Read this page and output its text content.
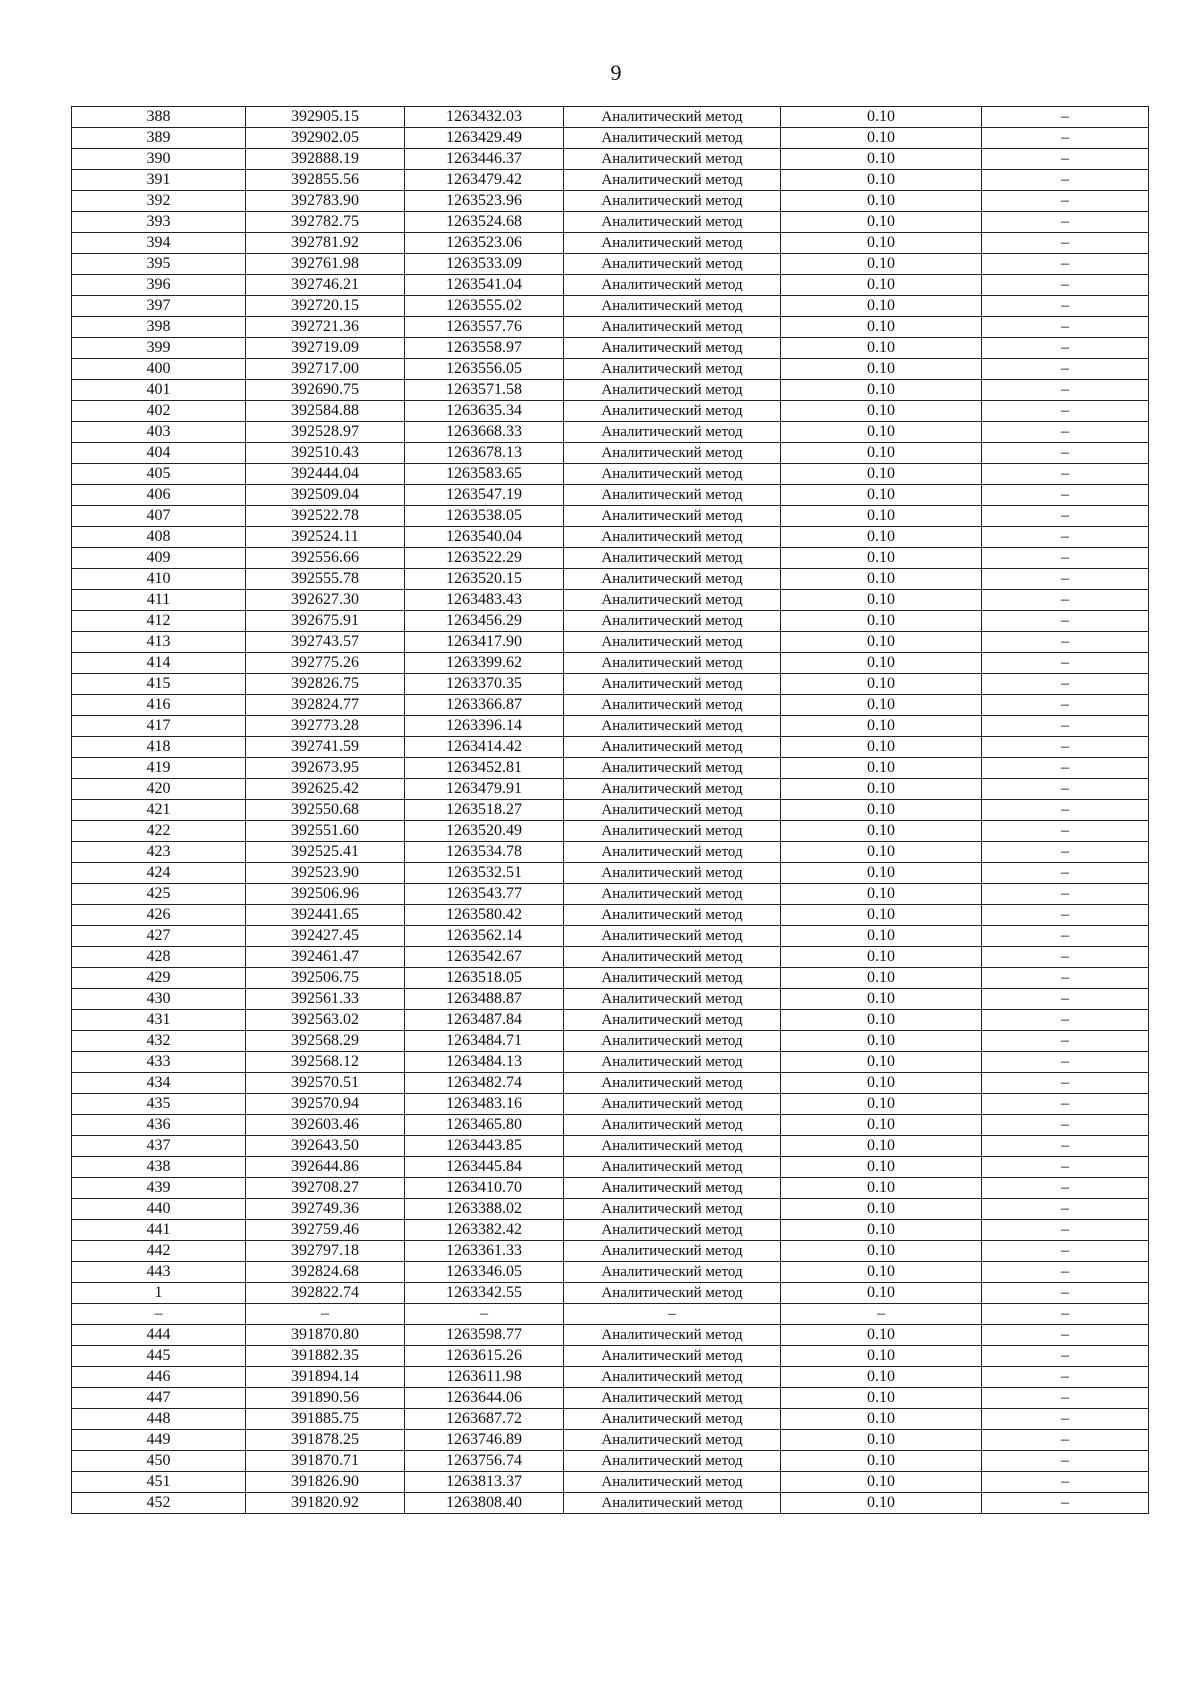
9
388	392905.15	1263432.03	Аналитический метод	0.10	–
389	392902.05	1263429.49	Аналитический метод	0.10	–
390	392888.19	1263446.37	Аналитический метод	0.10	–
391	392855.56	1263479.42	Аналитический метод	0.10	–
392	392783.90	1263523.96	Аналитический метод	0.10	–
393	392782.75	1263524.68	Аналитический метод	0.10	–
394	392781.92	1263523.06	Аналитический метод	0.10	–
395	392761.98	1263533.09	Аналитический метод	0.10	–
396	392746.21	1263541.04	Аналитический метод	0.10	–
397	392720.15	1263555.02	Аналитический метод	0.10	–
398	392721.36	1263557.76	Аналитический метод	0.10	–
399	392719.09	1263558.97	Аналитический метод	0.10	–
400	392717.00	1263556.05	Аналитический метод	0.10	–
401	392690.75	1263571.58	Аналитический метод	0.10	–
402	392584.88	1263635.34	Аналитический метод	0.10	–
403	392528.97	1263668.33	Аналитический метод	0.10	–
404	392510.43	1263678.13	Аналитический метод	0.10	–
405	392444.04	1263583.65	Аналитический метод	0.10	–
406	392509.04	1263547.19	Аналитический метод	0.10	–
407	392522.78	1263538.05	Аналитический метод	0.10	–
408	392524.11	1263540.04	Аналитический метод	0.10	–
409	392556.66	1263522.29	Аналитический метод	0.10	–
410	392555.78	1263520.15	Аналитический метод	0.10	–
411	392627.30	1263483.43	Аналитический метод	0.10	–
412	392675.91	1263456.29	Аналитический метод	0.10	–
413	392743.57	1263417.90	Аналитический метод	0.10	–
414	392775.26	1263399.62	Аналитический метод	0.10	–
415	392826.75	1263370.35	Аналитический метод	0.10	–
416	392824.77	1263366.87	Аналитический метод	0.10	–
417	392773.28	1263396.14	Аналитический метод	0.10	–
418	392741.59	1263414.42	Аналитический метод	0.10	–
419	392673.95	1263452.81	Аналитический метод	0.10	–
420	392625.42	1263479.91	Аналитический метод	0.10	–
421	392550.68	1263518.27	Аналитический метод	0.10	–
422	392551.60	1263520.49	Аналитический метод	0.10	–
423	392525.41	1263534.78	Аналитический метод	0.10	–
424	392523.90	1263532.51	Аналитический метод	0.10	–
425	392506.96	1263543.77	Аналитический метод	0.10	–
426	392441.65	1263580.42	Аналитический метод	0.10	–
427	392427.45	1263562.14	Аналитический метод	0.10	–
428	392461.47	1263542.67	Аналитический метод	0.10	–
429	392506.75	1263518.05	Аналитический метод	0.10	–
430	392561.33	1263488.87	Аналитический метод	0.10	–
431	392563.02	1263487.84	Аналитический метод	0.10	–
432	392568.29	1263484.71	Аналитический метод	0.10	–
433	392568.12	1263484.13	Аналитический метод	0.10	–
434	392570.51	1263482.74	Аналитический метод	0.10	–
435	392570.94	1263483.16	Аналитический метод	0.10	–
436	392603.46	1263465.80	Аналитический метод	0.10	–
437	392643.50	1263443.85	Аналитический метод	0.10	–
438	392644.86	1263445.84	Аналитический метод	0.10	–
439	392708.27	1263410.70	Аналитический метод	0.10	–
440	392749.36	1263388.02	Аналитический метод	0.10	–
441	392759.46	1263382.42	Аналитический метод	0.10	–
442	392797.18	1263361.33	Аналитический метод	0.10	–
443	392824.68	1263346.05	Аналитический метод	0.10	–
1	392822.74	1263342.55	Аналитический метод	0.10	–
–	–	–	–	–	–
444	391870.80	1263598.77	Аналитический метод	0.10	–
445	391882.35	1263615.26	Аналитический метод	0.10	–
446	391894.14	1263611.98	Аналитический метод	0.10	–
447	391890.56	1263644.06	Аналитический метод	0.10	–
448	391885.75	1263687.72	Аналитический метод	0.10	–
449	391878.25	1263746.89	Аналитический метод	0.10	–
450	391870.71	1263756.74	Аналитический метод	0.10	–
451	391826.90	1263813.37	Аналитический метод	0.10	–
452	391820.92	1263808.40	Аналитический метод	0.10	–
